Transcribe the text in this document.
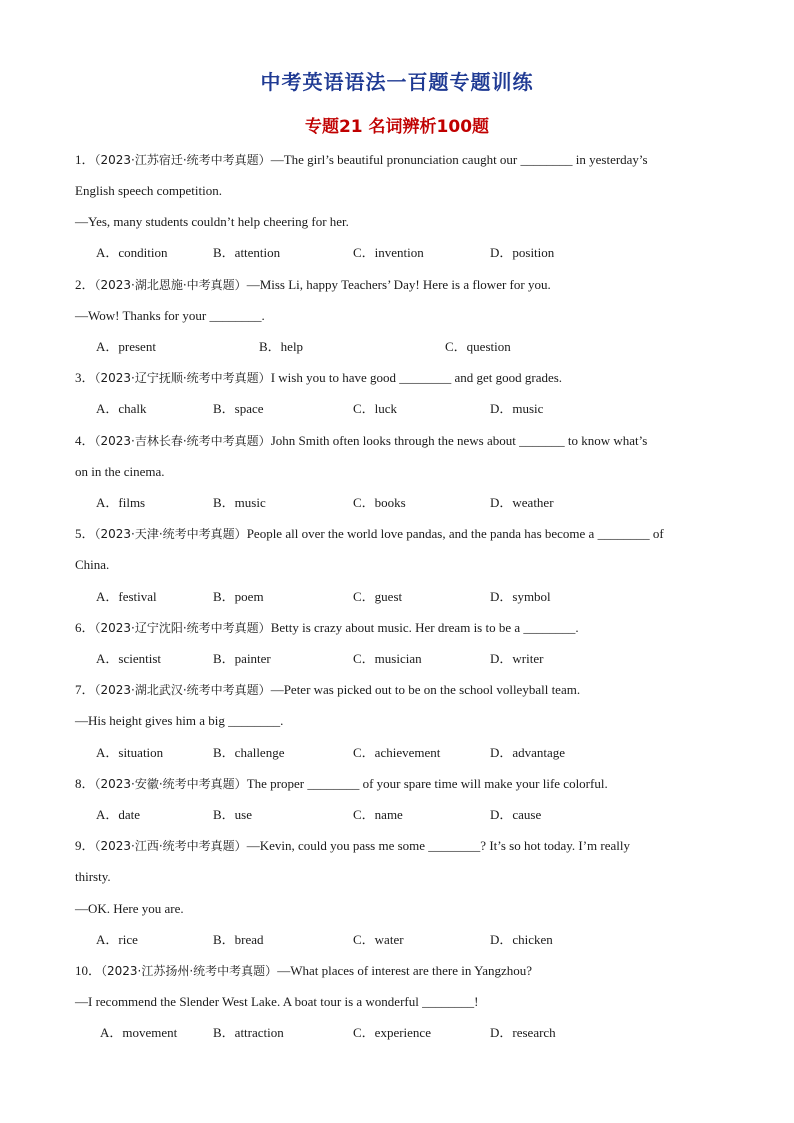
中考英语语法一百题专题训练
专题21 名词辨析100题
1．（2023·江苏宿迁·统考中考真题）—The girl’s beautiful pronunciation caught our ________ in yesterday’s
English speech competition.
—Yes, many students couldn’t help cheering for her.
A．condition	B．attention	C．invention	D．position
2．（2023·湖北恩施·中考真题）—Miss Li, happy Teachers’ Day! Here is a flower for you.
—Wow! Thanks for your ________.
A．present	B．help	C．question
3．（2023·辽宁抚顺·统考中考真题）I wish you to have good ________ and get good grades.
A．chalk	B．space	C．luck	D．music
4．（2023·吉林长春·统考中考真题）John Smith often looks through the news about _______ to know what’s
on in the cinema.
A．films	B．music	C．books	D．weather
5．（2023·天津·统考中考真题）People all over the world love pandas, and the panda has become a ________ of
China.
A．festival	B．poem	C．guest	D．symbol
6．（2023·辽宁沈阳·统考中考真题）Betty is crazy about music. Her dream is to be a ________.
A．scientist	B．painter	C．musician	D．writer
7．（2023·湖北武汉·统考中考真题）—Peter was picked out to be on the school volleyball team.
—His height gives him a big ________.
A．situation	B．challenge	C．achievement	D．advantage
8．（2023·安徽·统考中考真题）The proper ________ of your spare time will make your life colorful.
A．date	B．use	C．name	D．cause
9．（2023·江西·统考中考真题）—Kevin, could you pass me some ________? It’s so hot today. I’m really
thirsty.
—OK. Here you are.
A．rice	B．bread	C．water	D．chicken
10．（2023·江苏扬州·统考中考真题）—What places of interest are there in Yangzhou?
—I recommend the Slender West Lake. A boat tour is a wonderful ________!
A．movement	B．attraction	C．experience	D．research
